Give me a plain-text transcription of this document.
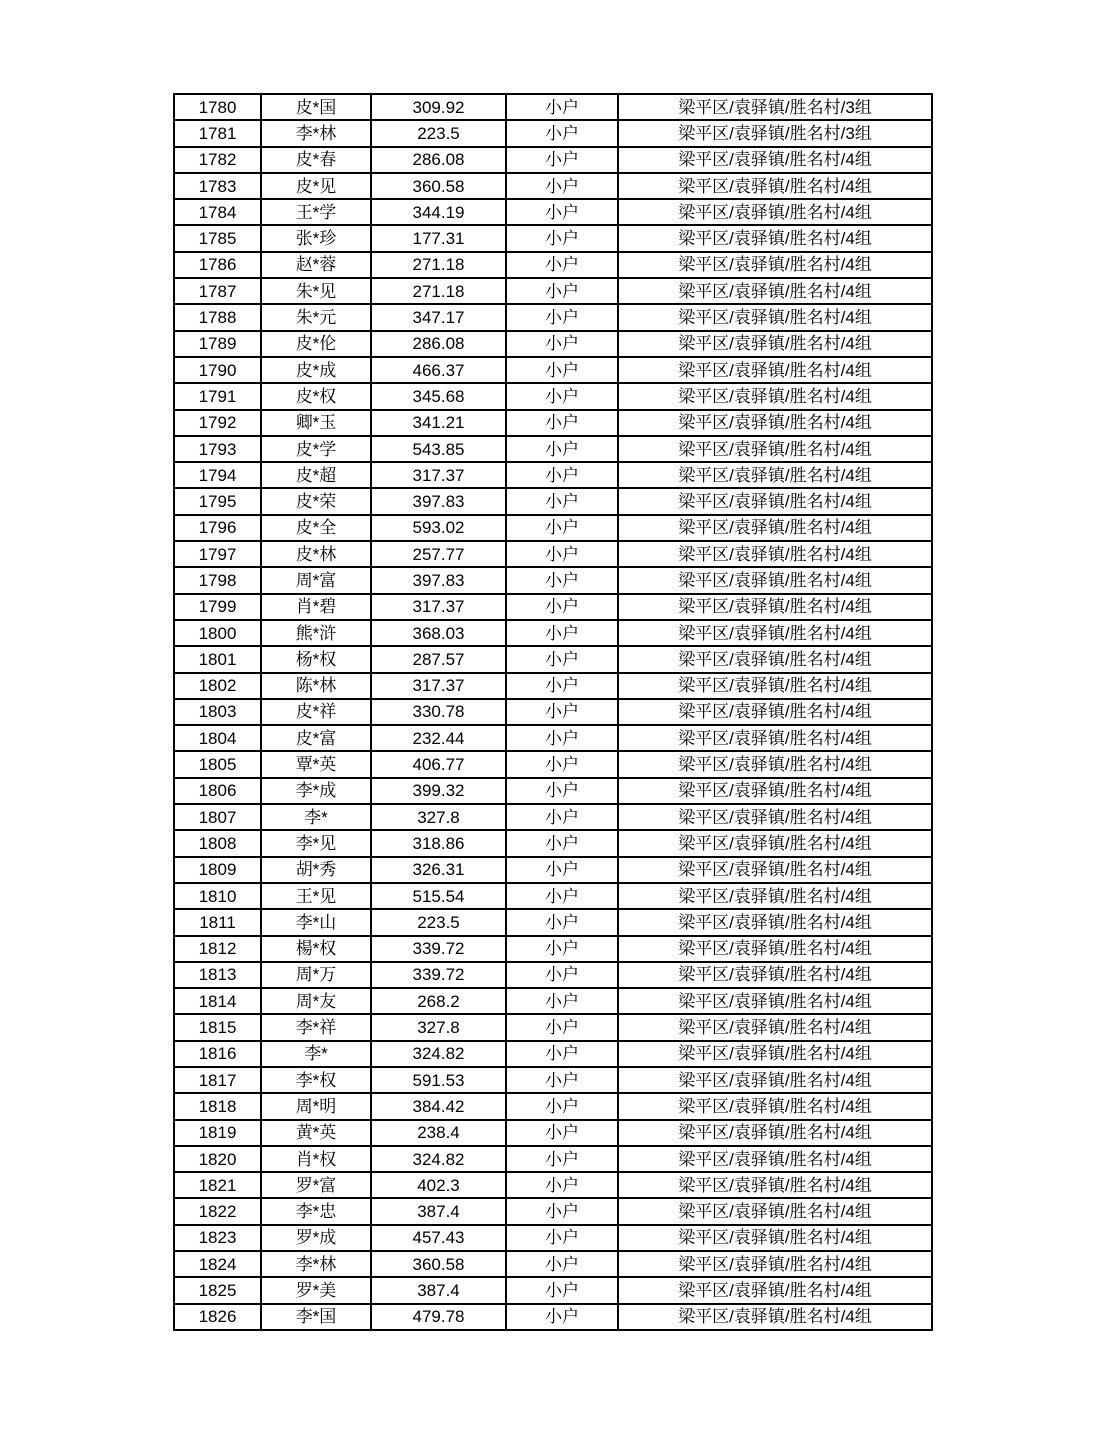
1780	皮*国	309.92	小户	梁平区/袁驿镇/胜名村/3组
1781	李*林	223.5	小户	梁平区/袁驿镇/胜名村/3组
1782	皮*春	286.08	小户	梁平区/袁驿镇/胜名村/4组
1783	皮*见	360.58	小户	梁平区/袁驿镇/胜名村/4组
1784	王*学	344.19	小户	梁平区/袁驿镇/胜名村/4组
1785	张*珍	177.31	小户	梁平区/袁驿镇/胜名村/4组
1786	赵*蓉	271.18	小户	梁平区/袁驿镇/胜名村/4组
1787	朱*见	271.18	小户	梁平区/袁驿镇/胜名村/4组
1788	朱*元	347.17	小户	梁平区/袁驿镇/胜名村/4组
1789	皮*伦	286.08	小户	梁平区/袁驿镇/胜名村/4组
1790	皮*成	466.37	小户	梁平区/袁驿镇/胜名村/4组
1791	皮*权	345.68	小户	梁平区/袁驿镇/胜名村/4组
1792	卿*玉	341.21	小户	梁平区/袁驿镇/胜名村/4组
1793	皮*学	543.85	小户	梁平区/袁驿镇/胜名村/4组
1794	皮*超	317.37	小户	梁平区/袁驿镇/胜名村/4组
1795	皮*荣	397.83	小户	梁平区/袁驿镇/胜名村/4组
1796	皮*全	593.02	小户	梁平区/袁驿镇/胜名村/4组
1797	皮*林	257.77	小户	梁平区/袁驿镇/胜名村/4组
1798	周*富	397.83	小户	梁平区/袁驿镇/胜名村/4组
1799	肖*碧	317.37	小户	梁平区/袁驿镇/胜名村/4组
1800	熊*浒	368.03	小户	梁平区/袁驿镇/胜名村/4组
1801	杨*权	287.57	小户	梁平区/袁驿镇/胜名村/4组
1802	陈*林	317.37	小户	梁平区/袁驿镇/胜名村/4组
1803	皮*祥	330.78	小户	梁平区/袁驿镇/胜名村/4组
1804	皮*富	232.44	小户	梁平区/袁驿镇/胜名村/4组
1805	覃*英	406.77	小户	梁平区/袁驿镇/胜名村/4组
1806	李*成	399.32	小户	梁平区/袁驿镇/胜名村/4组
1807	李*	327.8	小户	梁平区/袁驿镇/胜名村/4组
1808	李*见	318.86	小户	梁平区/袁驿镇/胜名村/4组
1809	胡*秀	326.31	小户	梁平区/袁驿镇/胜名村/4组
1810	王*见	515.54	小户	梁平区/袁驿镇/胜名村/4组
1811	李*山	223.5	小户	梁平区/袁驿镇/胜名村/4组
1812	楊*权	339.72	小户	梁平区/袁驿镇/胜名村/4组
1813	周*万	339.72	小户	梁平区/袁驿镇/胜名村/4组
1814	周*友	268.2	小户	梁平区/袁驿镇/胜名村/4组
1815	李*祥	327.8	小户	梁平区/袁驿镇/胜名村/4组
1816	李*	324.82	小户	梁平区/袁驿镇/胜名村/4组
1817	李*权	591.53	小户	梁平区/袁驿镇/胜名村/4组
1818	周*明	384.42	小户	梁平区/袁驿镇/胜名村/4组
1819	黄*英	238.4	小户	梁平区/袁驿镇/胜名村/4组
1820	肖*权	324.82	小户	梁平区/袁驿镇/胜名村/4组
1821	罗*富	402.3	小户	梁平区/袁驿镇/胜名村/4组
1822	李*忠	387.4	小户	梁平区/袁驿镇/胜名村/4组
1823	罗*成	457.43	小户	梁平区/袁驿镇/胜名村/4组
1824	李*林	360.58	小户	梁平区/袁驿镇/胜名村/4组
1825	罗*美	387.4	小户	梁平区/袁驿镇/胜名村/4组
1826	李*国	479.78	小户	梁平区/袁驿镇/胜名村/4组
